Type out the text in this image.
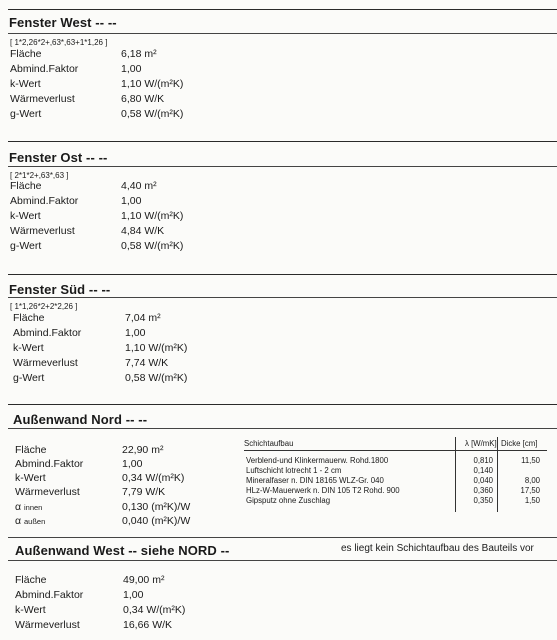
Fenster West -- --
[ 1*2,26*2+,63*,63+1*1,26 ]
Fläche	6,18 m²
Abmind.Faktor	1,00
k-Wert	1,10 W/(m²K)
Wärmeverlust	6,80 W/K
g-Wert	0,58 W/(m²K)
Fenster Ost -- --
[ 2*1*2+,63*,63 ]
Fläche	4,40 m²
Abmind.Faktor	1,00
k-Wert	1,10 W/(m²K)
Wärmeverlust	4,84 W/K
g-Wert	0,58 W/(m²K)
Fenster Süd -- --
[ 1*1,26*2+2*2,26 ]
Fläche	7,04 m²
Abmind.Faktor	1,00
k-Wert	1,10 W/(m²K)
Wärmeverlust	7,74 W/K
g-Wert	0,58 W/(m²K)
Außenwand Nord -- --
Fläche	22,90 m²
Abmind.Faktor	1,00
k-Wert	0,34 W/(m²K)
Wärmeverlust	7,79 W/K
α innen	0,130 (m²K)/W
α außen	0,040 (m²K)/W
Schichtaufbau	λ [W/mK] Dicke [cm]
Verblend-und Klinkermauerw. Rohd.1800	0,810	11,50
Luftschicht lotrecht 1 - 2 cm	0,140
Mineralfaser n. DIN 18165 WLZ-Gr. 040	0,040	8,00
HLz-W-Mauerwerk n. DIN 105 T2 Rohd. 900	0,360	17,50
Gipsputz ohne Zuschlag	0,350	1,50
Außenwand West -- siehe NORD --	es liegt kein Schichtaufbau des Bauteils vor
Fläche	49,00 m²
Abmind.Faktor	1,00
k-Wert	0,34 W/(m²K)
Wärmeverlust	16,66 W/K
